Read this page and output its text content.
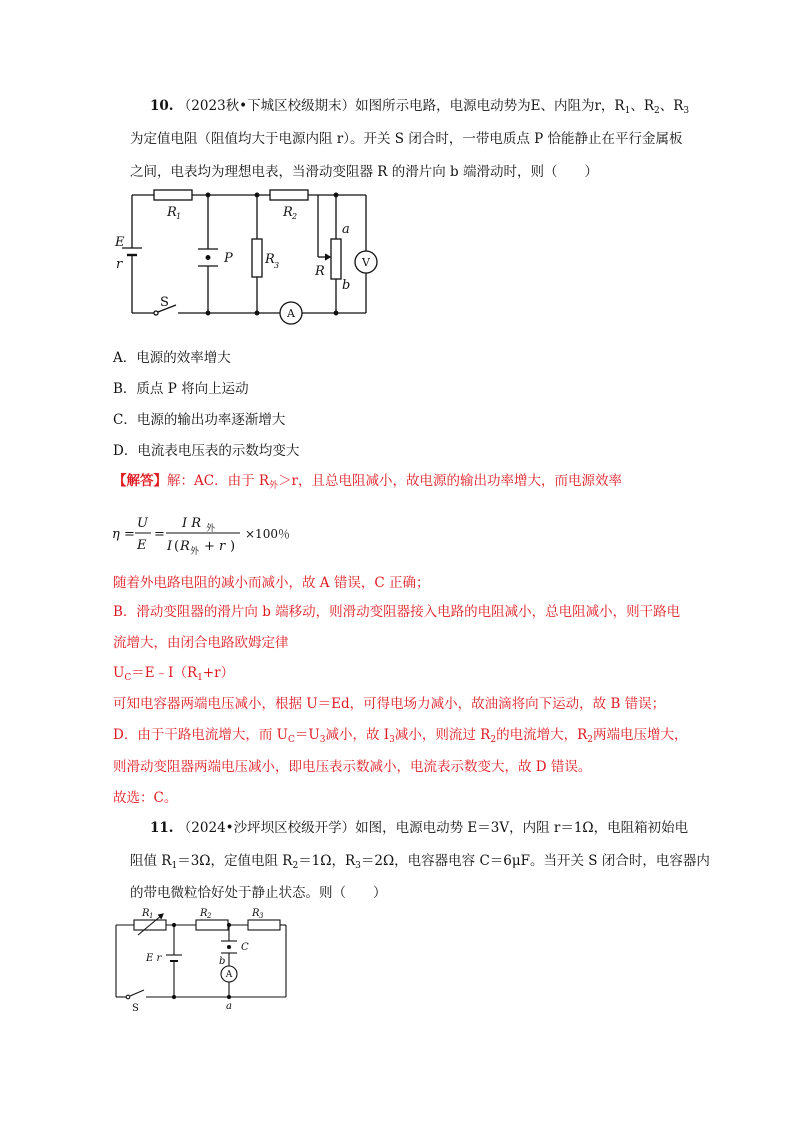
10. （2023秋•下城区校级期末）如图所示电路，电源电动势为E、内阻为r，$R_1$、$R_2$、$R_3$
为定值电阻（阻值均大于电源内阻 r）。开关 S 闭合时，一带电质点 P 恰能静止在平行金属板
之间，电表均为理想电表，当滑动变阻器 R 的滑片向 b 端滑动时，则（　　）
R 1	R 2
R 3
E
r	P
S
R
a
b
A
V
A．电源的效率增大
B．质点 P 将向上运动
C．电源的输出功率逐渐增大
D．电流表电压表的示数均变大
【解答】解：AC．由于 $R_外>r$，且总电阻减小，故电源的输出功率增大，而电源效率
η =
U
E
=
I R 外
I ( R 外 + r )
×100％
随着外电路电阻的减小而减小，故 A 错误，C 正确；
B．滑动变阻器的滑片向 b 端移动，则滑动变阻器接入电路的电阻减小，总电阻减小，则干路电
流增大，由闭合电路欧姆定律
$U_C=E﹣I(R_1+r)$
可知电容器两端电压减小，根据 U＝Ed，可得电场力减小，故油滴将向下运动，故 B 错误；
D．由于干路电流增大，而 $U_C=U_3$减小，故 $I_3$减小，则流过 $R_2$的电流增大，$R_2$两端电压增大，
则滑动变阻器两端电压减小，即电压表示数减小，电流表示数变大，故 D 错误。
故选：C。
11. （2024•沙坪坝区校级开学）如图，电源电动势 E＝3V，内阻 r＝1Ω，电阻箱初始电
阻值 $R_1=3\Omega$，定值电阻 $R_2=1\Omega$，$R_3=2\Omega$，电容器电容 C＝6μF。当开关 S 闭合时，电容器内
的带电微粒恰好处于静止状态。则（　　）
R 1	R 2	R 3
E r
C
b
a
S
A
